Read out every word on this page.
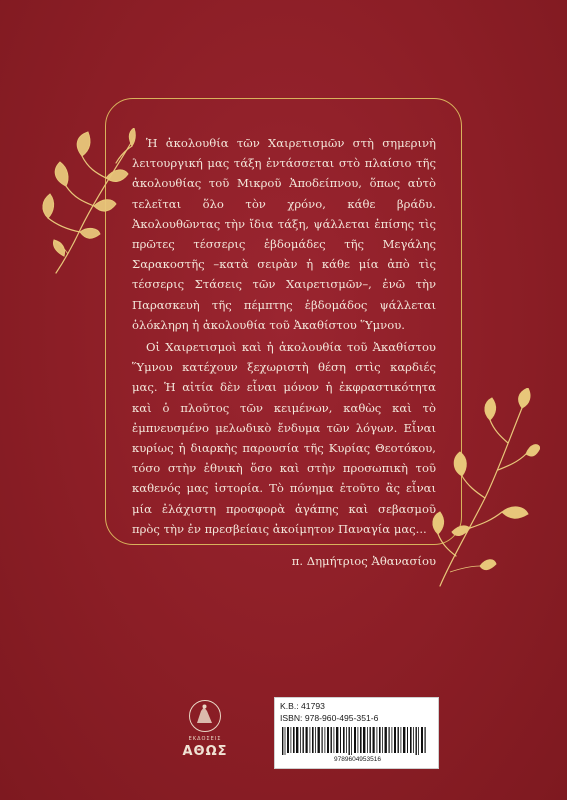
Ἡ ἀκολουθία τῶν Χαιρετισμῶν στὴ σημερινὴ λειτουργική μας τάξη ἐντάσσεται στὸ πλαίσιο τῆς ἀκολουθίας τοῦ Μικροῦ Ἀποδείπνου, ὅπως αὐτὸ τελεῖται ὅλο τὸν χρόνο, κάθε βράδυ. Ἀκολουθῶντας τὴν ἴδια τάξη, ψάλλεται ἐπίσης τὶς πρῶτες τέσσερις ἑβδομάδες τῆς Μεγάλης Σαρακοστῆς –κατὰ σειρὰν ἡ κάθε μία ἀπὸ τὶς τέσσερις Στάσεις τῶν Χαιρετισμῶν–, ἐνῶ τὴν Παρασκευὴ τῆς πέμπτης ἑβδομάδος ψάλλεται ὁλόκληρη ἡ ἀκολουθία τοῦ Ἀκαθίστου Ὕμνου.

Οἱ Χαιρετισμοὶ καὶ ἡ ἀκολουθία τοῦ Ἀκαθίστου Ὕμνου κατέχουν ξεχωριστὴ θέση στὶς καρδιές μας. Ἡ αἰτία δὲν εἶναι μόνον ἡ ἐκφραστικότητα καὶ ὁ πλοῦτος τῶν κειμένων, καθὼς καὶ τὸ ἐμπνευσμένο μελωδικὸ ἔνδυμα τῶν λόγων. Εἶναι κυρίως ἡ διαρκὴς παρουσία τῆς Κυρίας Θεοτόκου, τόσο στὴν ἐθνικὴ ὅσο καὶ στὴν προσωπικὴ τοῦ καθενός μας ἱστορία. Τὸ πόνημα ἐτοῦτο ἂς εἶναι μία ἐλάχιστη προσφορὰ ἀγάπης καὶ σεβασμοῦ πρὸς τὴν ἐν πρεσβείαις ἀκοίμητον Παναγία μας...

π. Δημήτριος Ἀθανασίου

ΕΚΔΟΣΕΙΣ
ΑΘΩΣ
Κ.Β.: 41793
ISBN: 978-960-495-351-6
9789604953516
